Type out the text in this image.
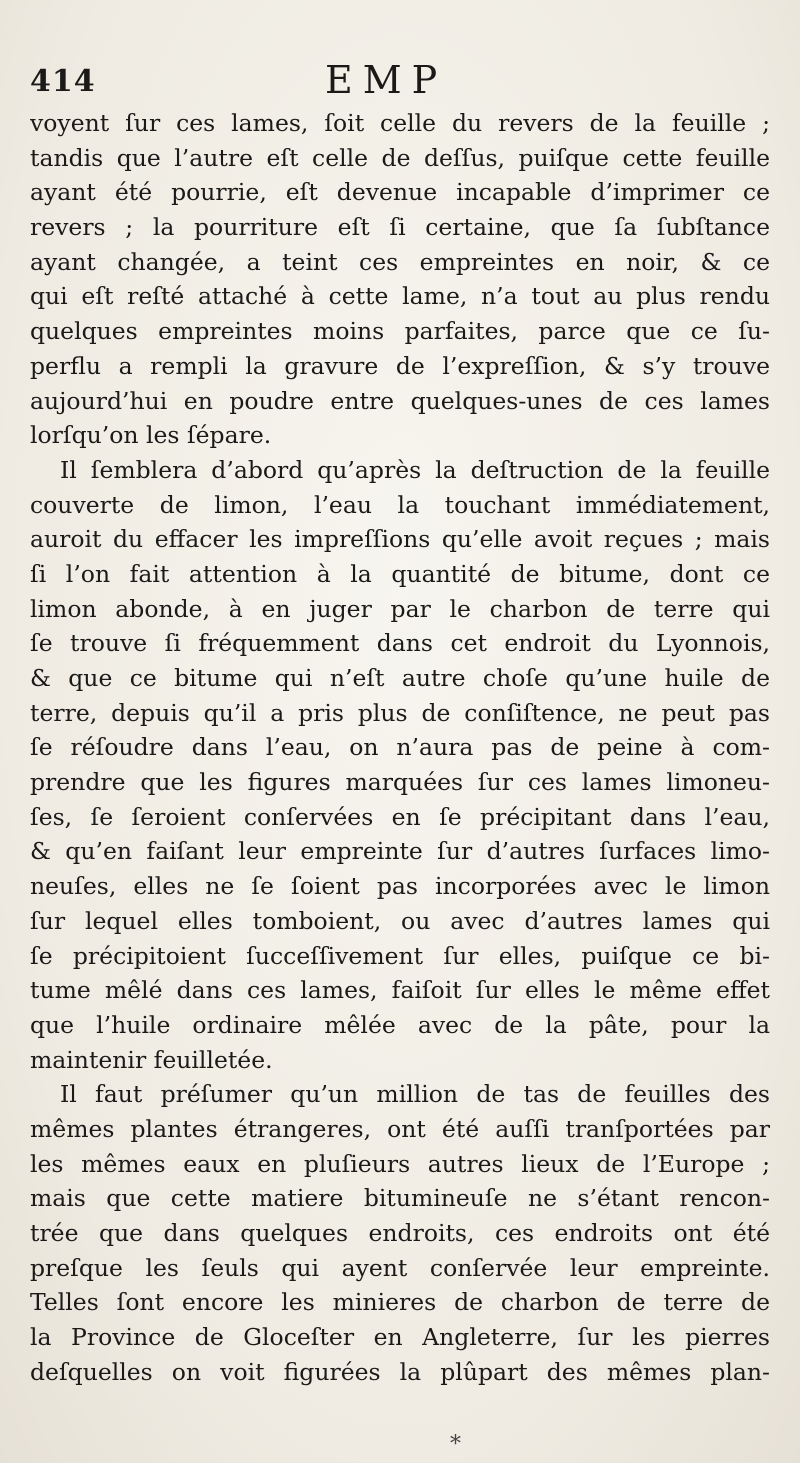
414	EMP
voyent ſur ces lames, ſoit celle du revers de la feuille ;
tandis que l’autre eſt celle de deſſus, puiſque cette feuille
ayant été pourrie, eſt devenue incapable d’imprimer ce
revers ; la pourriture eſt ſi certaine, que ſa ſubſtance
ayant changée, a teint ces empreintes en noir, & ce
qui eſt reſté attaché à cette lame, n’a tout au plus rendu
quelques empreintes moins parfaites, parce que ce ſu-
perflu a rempli la gravure de l’expreſſion, & s’y trouve
aujourd’hui en poudre entre quelques-unes de ces lames
lorſqu’on les ſépare.
Il ſemblera d’abord qu’après la deſtruction de la feuille
couverte de limon, l’eau la touchant immédiatement,
auroit du effacer les impreſſions qu’elle avoit reçues ; mais
ſi l’on fait attention à la quantité de bitume, dont ce
limon abonde, à en juger par le charbon de terre qui
ſe trouve ſi fréquemment dans cet endroit du Lyonnois,
& que ce bitume qui n’eſt autre choſe qu’une huile de
terre, depuis qu’il a pris plus de conſiſtence, ne peut pas
ſe réſoudre dans l’eau, on n’aura pas de peine à com-
prendre que les figures marquées ſur ces lames limoneu-
ſes, ſe ſeroient conſervées en ſe précipitant dans l’eau,
& qu’en faiſant leur empreinte ſur d’autres ſurfaces limo-
neuſes, elles ne ſe ſoient pas incorporées avec le limon
ſur lequel elles tomboient, ou avec d’autres lames qui
ſe précipitoient ſucceſſivement ſur elles, puiſque ce bi-
tume mêlé dans ces lames, faiſoit ſur elles le même effet
que l’huile ordinaire mêlée avec de la pâte, pour la
maintenir feuilletée.
Il faut préſumer qu’un million de tas de feuilles des
mêmes plantes étrangeres, ont été auſſi tranſportées par
les mêmes eaux en pluſieurs autres lieux de l’Europe ;
mais que cette matiere bitumineuſe ne s’étant rencon-
trée que dans quelques endroits, ces endroits ont été
preſque les ſeuls qui ayent conſervée leur empreinte.
Telles ſont encore les minieres de charbon de terre de
la Province de Gloceſter en Angleterre, ſur les pierres
deſquelles on voit figurées la plûpart des mêmes plan-
*
